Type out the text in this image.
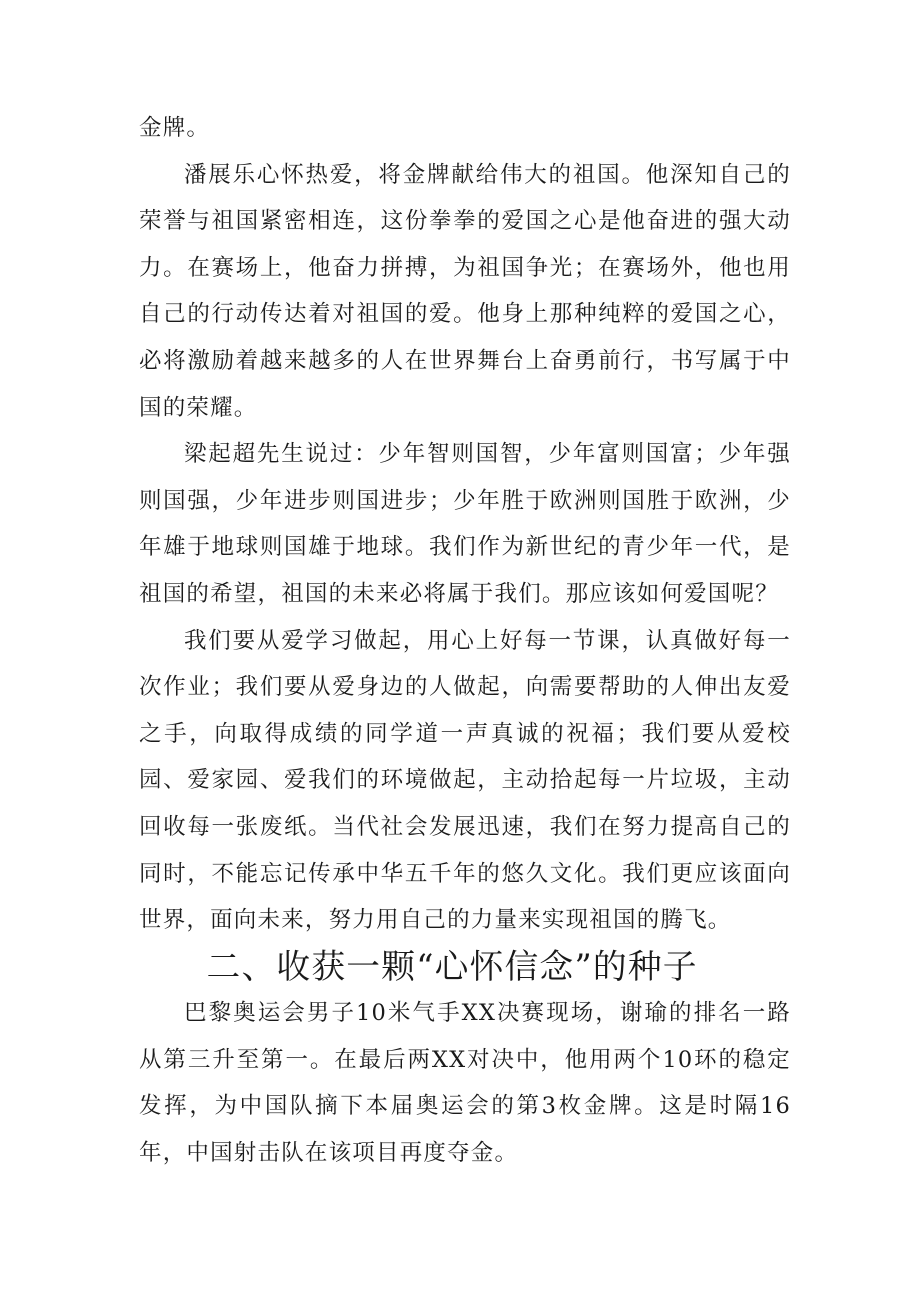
金牌。

潘展乐心怀热爱，将金牌献给伟大的祖国。他深知自己的荣誉与祖国紧密相连，这份拳拳的爱国之心是他奋进的强大动力。在赛场上，他奋力拼搏，为祖国争光；在赛场外，他也用自己的行动传达着对祖国的爱。他身上那种纯粹的爱国之心，必将激励着越来越多的人在世界舞台上奋勇前行，书写属于中国的荣耀。

梁起超先生说过：少年智则国智，少年富则国富；少年强则国强，少年进步则国进步；少年胜于欧洲则国胜于欧洲，少年雄于地球则国雄于地球。我们作为新世纪的青少年一代，是祖国的希望，祖国的未来必将属于我们。那应该如何爱国呢？

我们要从爱学习做起，用心上好每一节课，认真做好每一次作业；我们要从爱身边的人做起，向需要帮助的人伸出友爱之手，向取得成绩的同学道一声真诚的祝福；我们要从爱校园、爱家园、爱我们的环境做起，主动拾起每一片垃圾，主动回收每一张废纸。当代社会发展迅速，我们在努力提高自己的同时，不能忘记传承中华五千年的悠久文化。我们更应该面向世界，面向未来，努力用自己的力量来实现祖国的腾飞。

二、收获一颗“心怀信念”的种子

巴黎奥运会男子10米气手XX决赛现场，谢瑜的排名一路从第三升至第一。在最后两XX对决中，他用两个10环的稳定发挥，为中国队摘下本届奥运会的第3枚金牌。这是时隔16年，中国射击队在该项目再度夺金。
